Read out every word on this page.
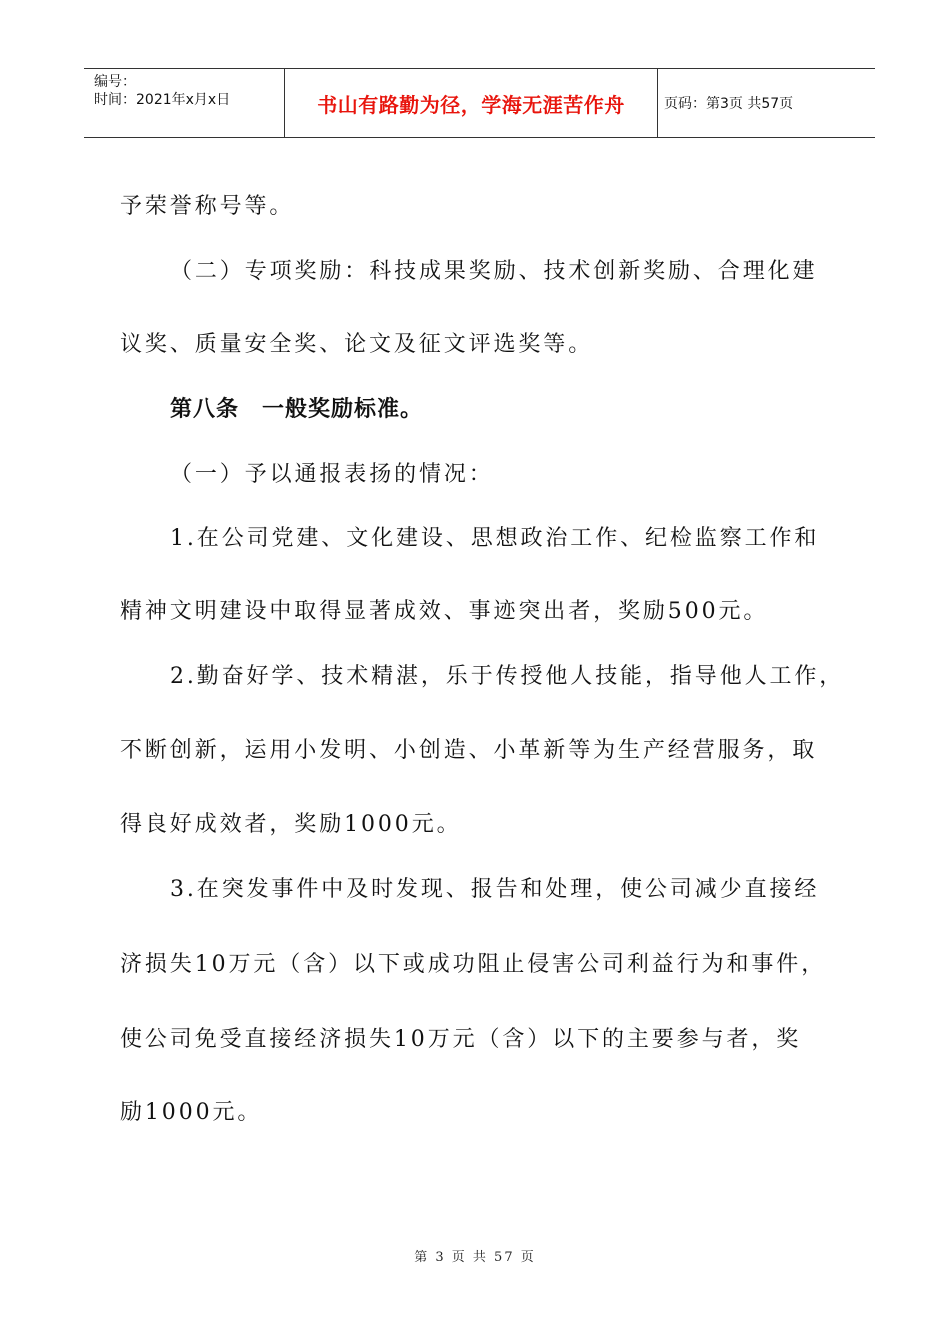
编号：
时间：2021年x月x日	书山有路勤为径，学海无涯苦作舟	页码：第3页 共57页
予荣誉称号等。
（二）专项奖励：科技成果奖励、技术创新奖励、合理化建
议奖、质量安全奖、论文及征文评选奖等。
第八条　一般奖励标准。
（一）予以通报表扬的情况：
1.在公司党建、文化建设、思想政治工作、纪检监察工作和
精神文明建设中取得显著成效、事迹突出者，奖励500元。
2.勤奋好学、技术精湛，乐于传授他人技能，指导他人工作，
不断创新，运用小发明、小创造、小革新等为生产经营服务，取
得良好成效者，奖励1000元。
3.在突发事件中及时发现、报告和处理，使公司减少直接经
济损失10万元（含）以下或成功阻止侵害公司利益行为和事件，
使公司免受直接经济损失10万元（含）以下的主要参与者，奖
励1000元。
第 3 页 共 57 页
